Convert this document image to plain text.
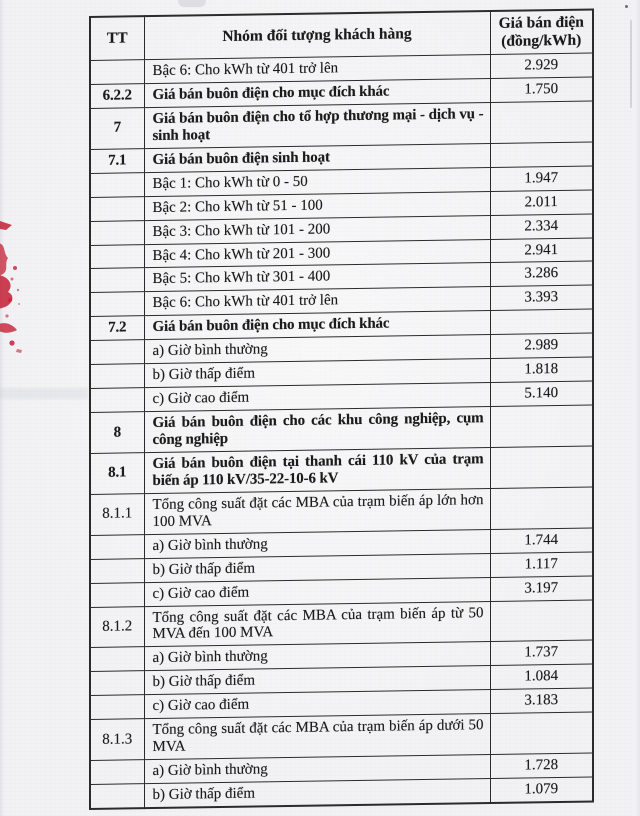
TT	Nhóm đối tượng khách hàng	Giá bán điện
(đồng/kWh)

	Bậc 6: Cho kWh từ 401 trở lên	2.929
6.2.2	Giá bán buôn điện cho mục đích khác	1.750
7	Giá bán buôn điện cho tổ hợp thương mại - dịch vụ - sinh hoạt	
7.1	Giá bán buôn điện sinh hoạt	
	Bậc 1: Cho kWh từ 0 - 50	1.947
	Bậc 2: Cho kWh từ 51 - 100	2.011
	Bậc 3: Cho kWh từ 101 - 200	2.334
	Bậc 4: Cho kWh từ 201 - 300	2.941
	Bậc 5: Cho kWh từ 301 - 400	3.286
	Bậc 6: Cho kWh từ 401 trở lên	3.393
7.2	Giá bán buôn điện cho mục đích khác	
	a) Giờ bình thường	2.989
	b) Giờ thấp điểm	1.818
	c) Giờ cao điểm	5.140
8	Giá bán buôn điện cho các khu công nghiệp, cụm công nghiệp	
8.1	Giá bán buôn điện tại thanh cái 110 kV của trạm biến áp 110 kV/35-22-10-6 kV	
8.1.1	Tổng công suất đặt các MBA của trạm biến áp lớn hơn 100 MVA	
	a) Giờ bình thường	1.744
	b) Giờ thấp điểm	1.117
	c) Giờ cao điểm	3.197
8.1.2	Tổng công suất đặt các MBA của trạm biến áp từ 50 MVA đến 100 MVA	
	a) Giờ bình thường	1.737
	b) Giờ thấp điểm	1.084
	c) Giờ cao điểm	3.183
8.1.3	Tổng công suất đặt các MBA của trạm biến áp dưới 50 MVA	
	a) Giờ bình thường	1.728
	b) Giờ thấp điểm	1.079
